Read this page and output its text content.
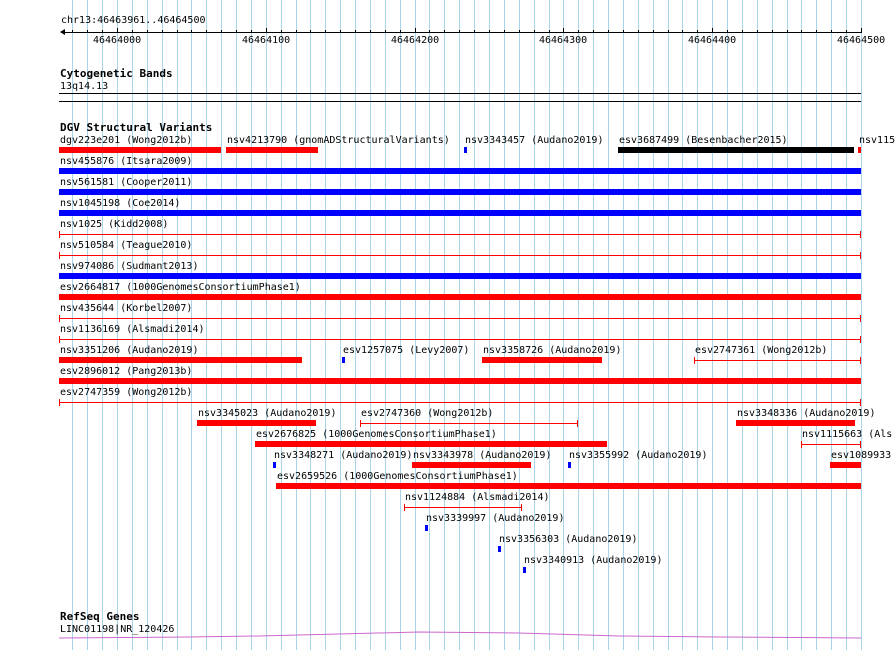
chr13:46463961..46464500
46464000	46464100	46464200	46464300	46464400	46464500
Cytogenetic Bands
13q14.13
DGV Structural Variants
dgv223e201 (Wong2012b)	nsv4213790 (gnomADStructuralVariants) nsv3343457 (Audano2019) esv3687499 (Besenbacher2015)	nsv115
nsv455876 (Itsara2009)
nsv561581 (Cooper2011)
nsv1045198 (Coe2014)
nsv1025 (Kidd2008)
nsv510584 (Teague2010)
nsv974086 (Sudmant2013)
esv2664817 (1000GenomesConsortiumPhase1)
nsv435644 (Korbel2007)
nsv1136169 (Alsmadi2014)
nsv3351206 (Audano2019)	esv1257075 (Levy2007) nsv3358726 (Audano2019)	esv2747361 (Wong2012b)
esv2896012 (Pang2013b)
esv2747359 (Wong2012b)
nsv3345023 (Audano2019) esv2747360 (Wong2012b)	nsv3348336 (Audano2019)
esv2676825 (1000GenomesConsortiumPhase1)	nsv1115663 (Als
nsv3348271 (Audano2019) nsv3343978 (Audano2019) nsv3355992 (Audano2019)	esv1089933
esv2659526 (1000GenomesConsortiumPhase1)
nsv1124884 (Alsmadi2014)
nsv3339997 (Audano2019)
nsv3356303 (Audano2019)
nsv3340913 (Audano2019)
RefSeq Genes
LINC01198|NR_120426
